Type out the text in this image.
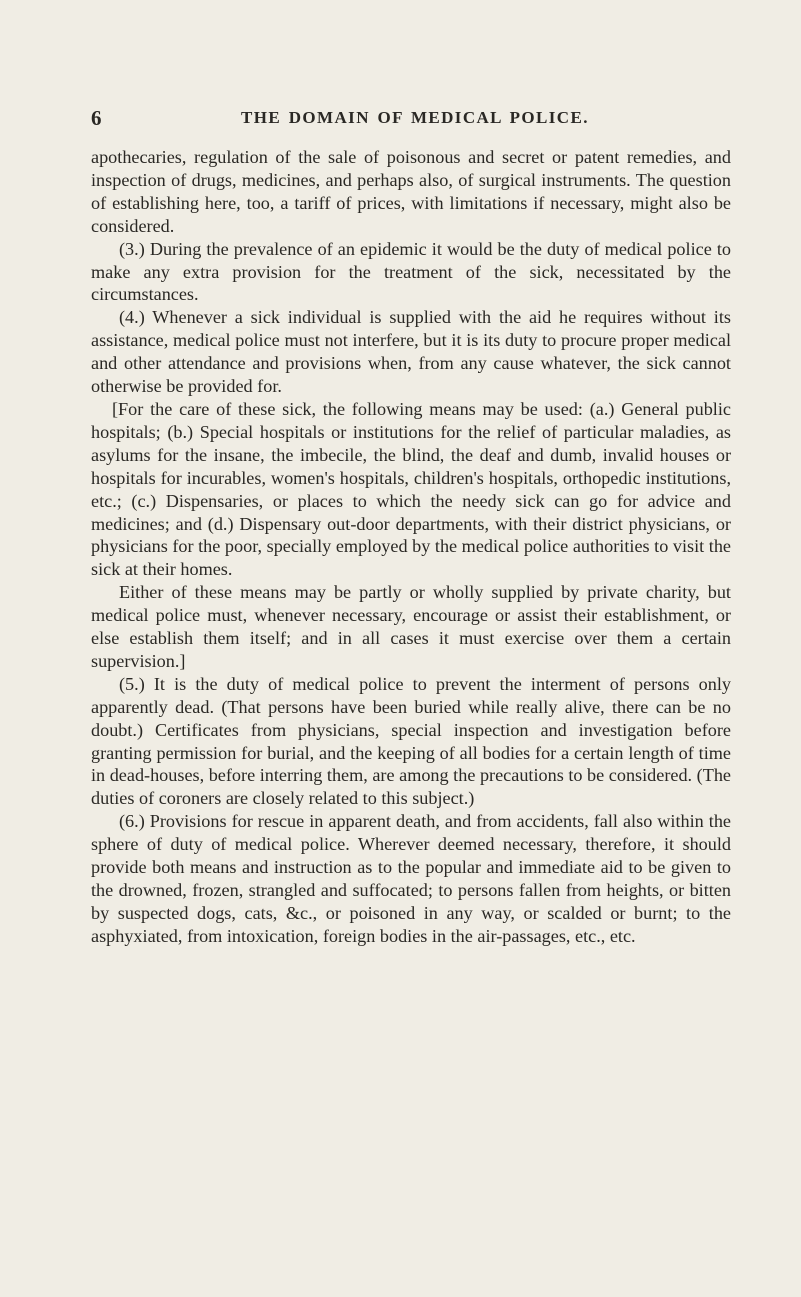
6	THE DOMAIN OF MEDICAL POLICE.

apothecaries, regulation of the sale of poisonous and secret or patent remedies, and inspection of drugs, medicines, and perhaps also, of surgical instruments. The question of establishing here, too, a tariff of prices, with limitations if necessary, might also be considered.

(3.) During the prevalence of an epidemic it would be the duty of medical police to make any extra provision for the treatment of the sick, necessitated by the circumstances.

(4.) Whenever a sick individual is supplied with the aid he requires without its assistance, medical police must not interfere, but it is its duty to procure proper medical and other attendance and provisions when, from any cause whatever, the sick cannot otherwise be provided for.

[For the care of these sick, the following means may be used: (a.) General public hospitals; (b.) Special hospitals or institutions for the relief of particular maladies, as asylums for the insane, the imbecile, the blind, the deaf and dumb, invalid houses or hospitals for incurables, women's hospitals, children's hospitals, orthopedic institutions, etc.; (c.) Dispensaries, or places to which the needy sick can go for advice and medicines; and (d.) Dispensary out-door departments, with their district physicians, or physicians for the poor, specially employed by the medical police authorities to visit the sick at their homes.

Either of these means may be partly or wholly supplied by private charity, but medical police must, whenever necessary, encourage or assist their establishment, or else establish them itself; and in all cases it must exercise over them a certain supervision.]

(5.) It is the duty of medical police to prevent the interment of persons only apparently dead. (That persons have been buried while really alive, there can be no doubt.) Certificates from physicians, special inspection and investigation before granting permission for burial, and the keeping of all bodies for a certain length of time in dead-houses, before interring them, are among the precautions to be considered. (The duties of coroners are closely related to this subject.)

(6.) Provisions for rescue in apparent death, and from accidents, fall also within the sphere of duty of medical police. Wherever deemed necessary, therefore, it should provide both means and instruction as to the popular and immediate aid to be given to the drowned, frozen, strangled and suffocated; to persons fallen from heights, or bitten by suspected dogs, cats, &c., or poisoned in any way, or scalded or burnt; to the asphyxiated, from intoxication, foreign bodies in the air-passages, etc., etc.
